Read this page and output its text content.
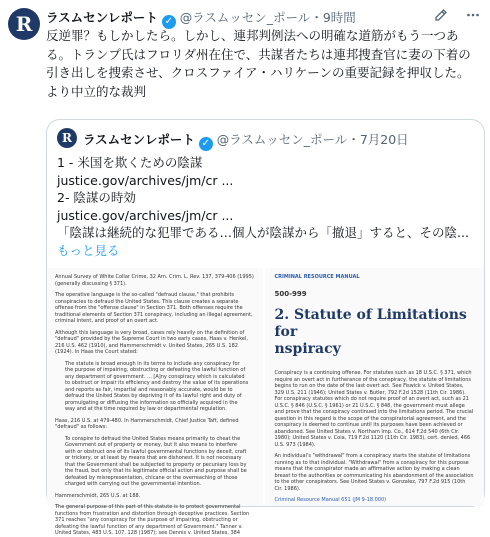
R ラスムセンレポート ✓ @ラスムッセン_ポール・9時間
反逆罪？もしかしたら。しかし、連邦判例法への明確な道筋がもう一つあ
る。トランプ氏はフロリダ州在住で、共謀者たちは連邦捜査官に妻の下着の
引き出しを捜索させ、クロスファイア・ハリケーンの重要記録を押収した。
より中立的な裁判
R ラスムセンレポート ✓ @ラスムッセン_ポール・7月20日
1 - 米国を欺くための陰謀
justice.gov/archives/jm/cr ...
2- 陰謀の時効
justice.gov/archives/jm/cr ...
「陰謀は継続的な犯罪である…個人が陰謀から「撤退」すると、その陰...
もっと見る

Annual Survey of White Collar Crime, 32 Am. Crim. L. Rev. 137, 379-406 (1995)(generally discussing § 371).

The operative language is the so-called "defraud clause," that prohibits conspiracies to defraud the United States. This clause creates a separate offense from the "offense clause" in Section 371. Both offenses require the traditional elements of Section 371 conspiracy, including an illegal agreement, criminal intent, and proof of an overt act.

Although this language is very broad, cases rely heavily on the definition of "defraud" provided by the Supreme Court in two early cases, Haas v. Henkel, 216 U.S. 462 (1910), and Hammerschmidt v. United States, 265 U.S. 182 (1924). In Haas the Court stated:

The statute is broad enough in its terms to include any conspiracy for the purpose of impairing, obstructing or defeating the lawful function of any department of government. ... [A]ny conspiracy which is calculated to obstruct or impair its efficiency and destroy the value of its operations and reports as fair, impartial and reasonably accurate, would be to defraud the United States by depriving it of its lawful right and duty of promulgating or diffusing the information so officially acquired in the way and at the time required by law or departmental regulation.

Haas, 216 U.S. at 479-480. In Hammerschmidt, Chief Justice Taft, defined "defraud" as follows:

To conspire to defraud the United States means primarily to cheat the Government out of property or money, but it also means to interfere with or obstruct one of its lawful governmental functions by deceit, craft or trickery, or at least by means that are dishonest. It is not necessary that the Government shall be subjected to property or pecuniary loss by the fraud, but only that its legitimate official action and purpose shall be defeated by misrepresentation, chicane or the overreaching of those charged with carrying out the governmental intention.

Hammerschmidt, 265 U.S. at 188.

The general purpose of this part of this statute is to protect governmental functions from frustration and distortion through deceptive practices. Section 371 reaches "any conspiracy for the purpose of impairing, obstructing or defeating the lawful function of any department of Government." Tanner v. United States, 483 U.S. 107, 128 (1987); see Dennis v. United States, 384

CRIMINAL RESOURCE MANUAL
500-999
2. Statute of Limitations for
nspiracy

Conspiracy is a continuing offense. For statutes such as 18 U.S.C. § 371, which require an overt act in furtherance of the conspiracy, the statute of limitations begins to run on the date of the last overt act. See Fiswick v. United States, 329 U.S. 211 (1946); United States v. Butler, 792 F.2d 1528 (11th Cir. 1986). For conspiracy statutes which do not require proof of an overt act, such as 21 U.S.C. § 846 (U.S.C. § 1961) or 21 U.S.C. § 848, the government must allege and prove that the conspiracy continued into the limitations period. The crucial question in this regard is the scope of the conspiratorial agreement, and the conspiracy is deemed to continue until its purposes have been achieved or abandoned. See United States v. Northam Imp. Co., 614 F.2d 540 (6th Cir. 1980); United States v. Coia, 719 F.2d 1120 (11th Cir. 1983), cert. denied, 466 U.S. 973 (1984).

An individual's "withdrawal" from a conspiracy starts the statute of limitations running as to that individual. "Withdrawal" from a conspiracy for this purpose means that the conspirator made an affirmative action by making a clean breast to the authorities or communicating his abandonment of the association to the other conspirators. See United States v. Gonzalez, 797 F.2d 915 (10th Cir. 1986).

Criminal Resource Manual 651 (JM 9-18.000)
